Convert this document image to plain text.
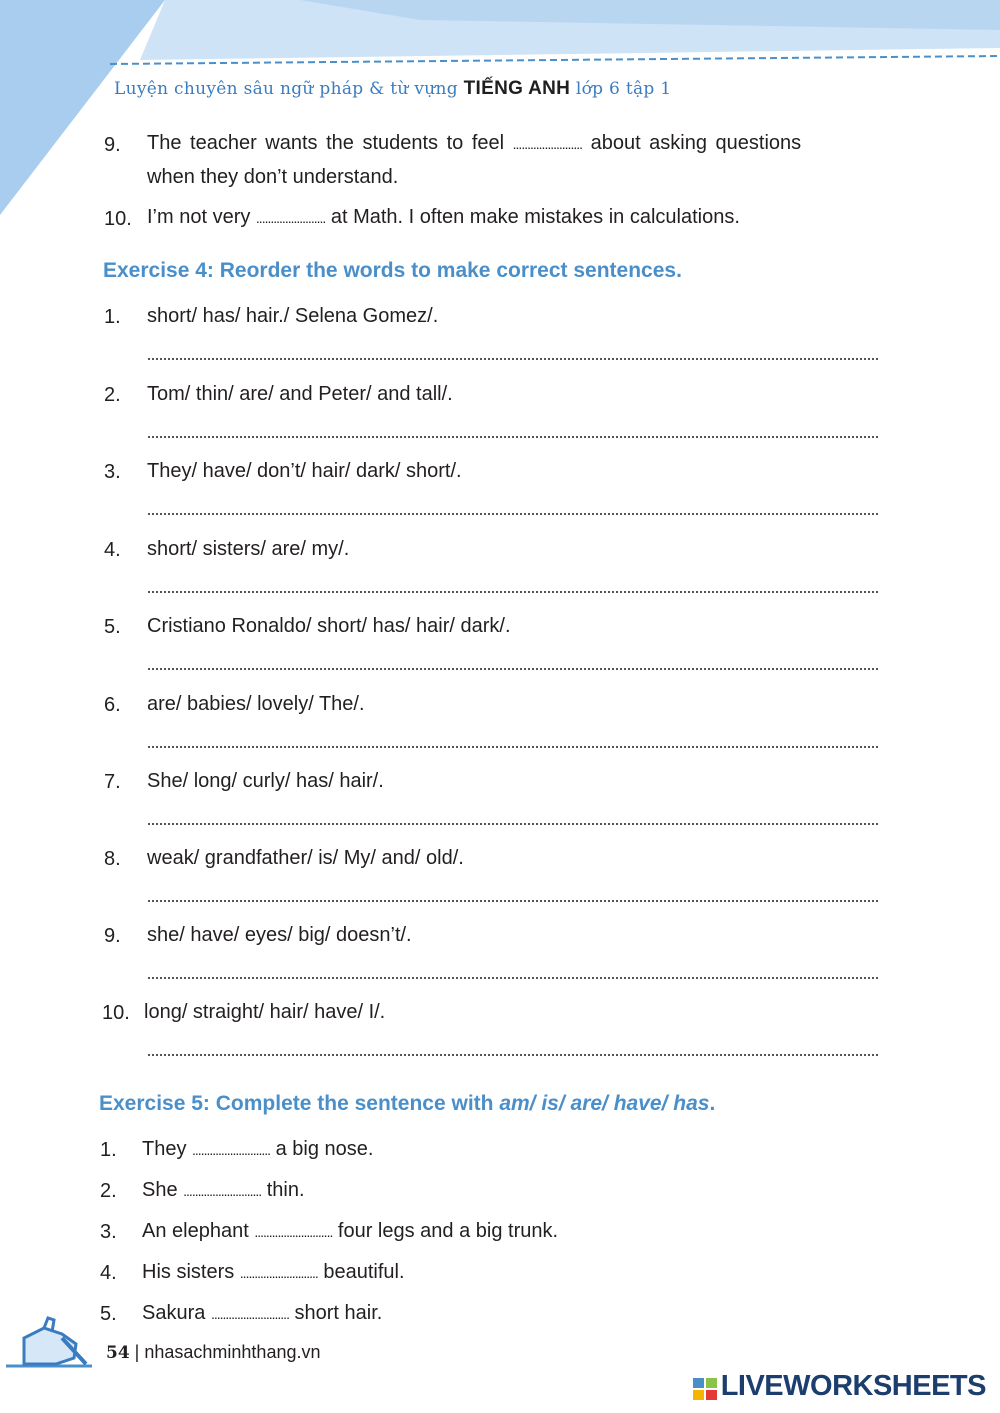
Luyện chuyên sâu ngữ pháp & từ vựng TIẾNG ANH lớp 6 tập 1
9. The teacher wants the students to feel ........................ about asking questions
when they don’t understand.
10. I’m not very ........................ at Math. I often make mistakes in calculations.
Exercise 4: Reorder the words to make correct sentences.
1. short/ has/ hair./ Selena Gomez/.
2. Tom/ thin/ are/ and Peter/ and tall/.
3. They/ have/ don’t/ hair/ dark/ short/.
4. short/ sisters/ are/ my/.
5. Cristiano Ronaldo/ short/ has/ hair/ dark/.
6. are/ babies/ lovely/ The/.
7. She/ long/ curly/ has/ hair/.
8. weak/ grandfather/ is/ My/ and/ old/.
9. she/ have/ eyes/ big/ doesn’t/.
10. long/ straight/ hair/ have/ I/.
Exercise 5: Complete the sentence with am/ is/ are/ have/ has.
1. They ........................... a big nose.
2. She ........................... thin.
3. An elephant ........................... four legs and a big trunk.
4. His sisters ........................... beautiful.
5. Sakura ........................... short hair.
54 | nhasachminhthang.vn
LIVEWORKSHEETS
